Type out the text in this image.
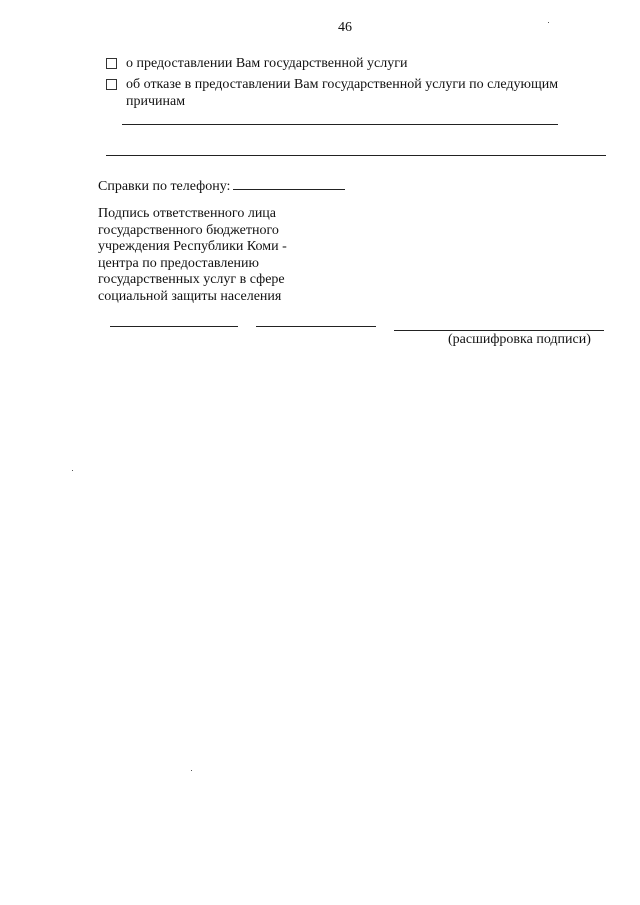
46
о предоставлении Вам государственной услуги
об отказе в предоставлении Вам государственной услуги по следующим причинам
Справки по телефону:
Подпись ответственного лица
государственного бюджетного
учреждения Республики Коми -
центра по предоставлению
государственных услуг в сфере
социальной защиты населения
(расшифровка подписи)
